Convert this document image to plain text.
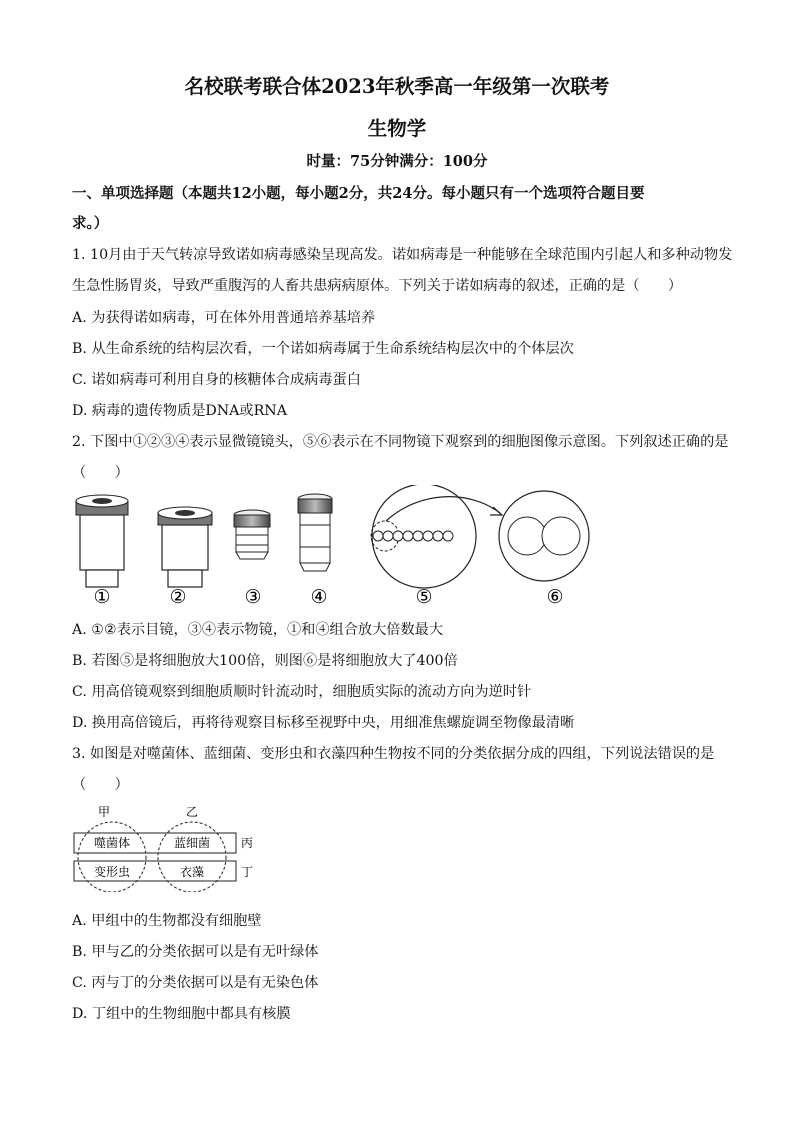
名校联考联合体2023年秋季高一年级第一次联考
生物学
时量：75分钟满分：100分
一、单项选择题（本题共12小题，每小题2分，共24分。每小题只有一个选项符合题目要
求。）
1. 10月由于天气转凉导致诺如病毒感染呈现高发。诺如病毒是一种能够在全球范围内引起人和多种动物发
生急性肠胃炎，导致严重腹泻的人畜共患病病原体。下列关于诺如病毒的叙述，正确的是（　　）
A. 为获得诺如病毒，可在体外用普通培养基培养
B. 从生命系统的结构层次看，一个诺如病毒属于生命系统结构层次中的个体层次
C. 诺如病毒可利用自身的核糖体合成病毒蛋白
D. 病毒的遗传物质是DNA或RNA
2. 下图中①②③④表示显微镜镜头，⑤⑥表示在不同物镜下观察到的细胞图像示意图。下列叙述正确的是
（　　）
①	②	③	④	⑤	⑥
A. ①②表示目镜，③④表示物镜，①和④组合放大倍数最大
B. 若图⑤是将细胞放大100倍，则图⑥是将细胞放大了400倍
C. 用高倍镜观察到细胞质顺时针流动时，细胞质实际的流动方向为逆时针
D. 换用高倍镜后，再将待观察目标移至视野中央，用细准焦螺旋调至物像最清晰
3. 如图是对噬菌体、蓝细菌、变形虫和衣藻四种生物按不同的分类依据分成的四组，下列说法错误的是
（　　）
甲	乙
丙
丁
噬菌体	蓝细菌
变形虫	衣藻
A. 甲组中的生物都没有细胞壁
B. 甲与乙的分类依据可以是有无叶绿体
C. 丙与丁的分类依据可以是有无染色体
D. 丁组中的生物细胞中都具有核膜
